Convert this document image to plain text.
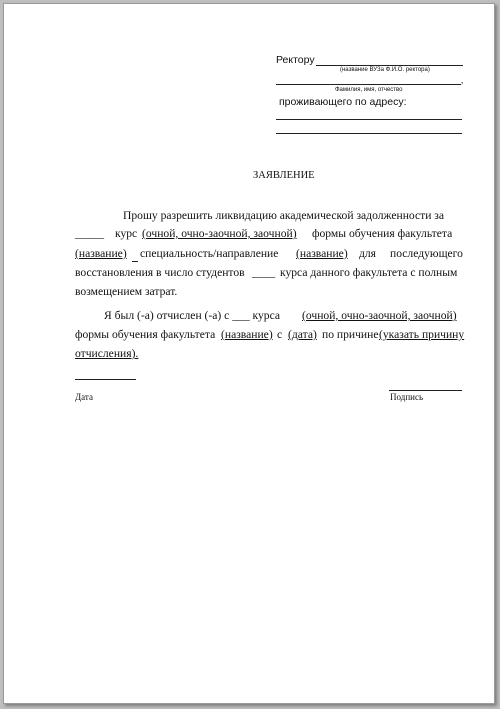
Ректору
(название ВУЗа Ф.И.О. ректора)
,
Фамилия, имя, отчество
проживающего по адресу:
ЗАЯВЛЕНИЕ
Прошу разрешить ликвидацию академической задолженности за
_____ курс (очной, очно-заочной, заочной) формы обучения факультета
(название) специальность/направление (название) для последующего
восстановления в число студентов ____ курса данного факультета с полным
возмещением затрат.
Я был (-а) отчислен (-а) с ___ курса (очной, очно-заочной, заочной)
формы обучения факультета (название) с (дата) по причине (указать причину
отчисления).
Дата	Подпись
